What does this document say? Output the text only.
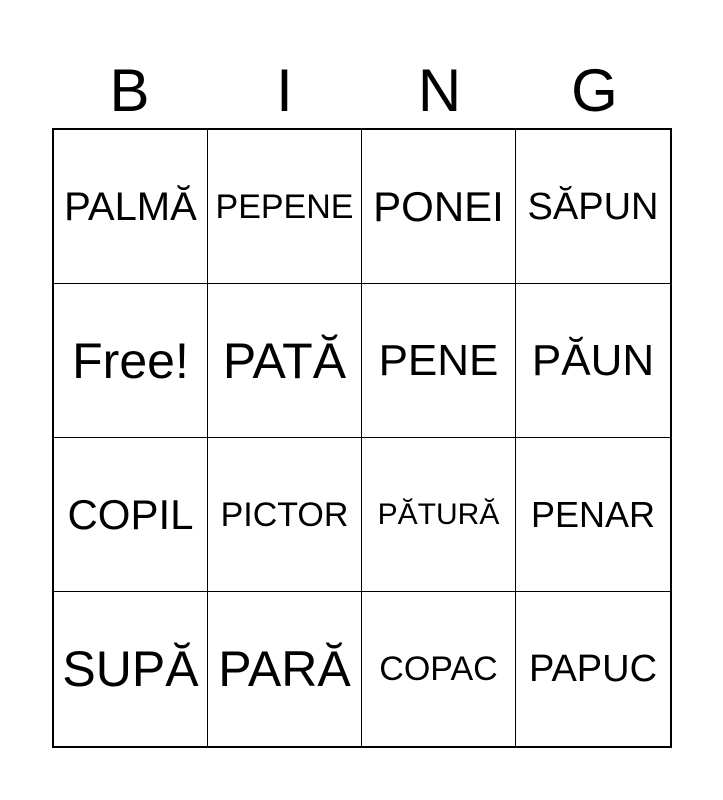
B	I	N	G
PALMĂ PEPENE PONEI SĂPUN
Free! PATĂ PENE PĂUN
COPIL PICTOR PĂTURĂ PENAR
SUPĂ PARĂ COPAC PAPUC
